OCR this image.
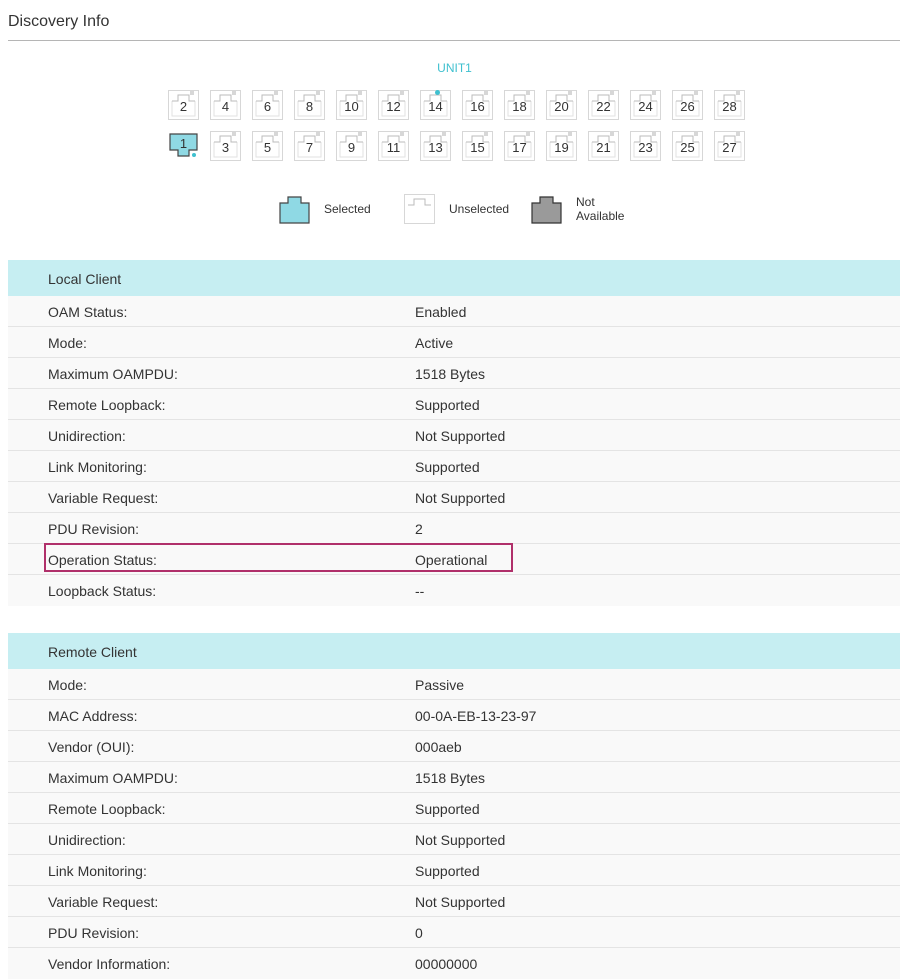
Discovery Info
UNIT1
2	4	6	8	10	12	14	16	18	20	22	24	26	28
1	3	5	7	9	11	13	15	17	19	21	23	25	27
Selected	Unselected	Not Available
Local Client
OAM Status:	Enabled
Mode:	Active
Maximum OAMPDU:	1518 Bytes
Remote Loopback:	Supported
Unidirection:	Not Supported
Link Monitoring:	Supported
Variable Request:	Not Supported
PDU Revision:	2
Operation Status:	Operational
Loopback Status:	--
Remote Client
Mode:	Passive
MAC Address:	00-0A-EB-13-23-97
Vendor (OUI):	000aeb
Maximum OAMPDU:	1518 Bytes
Remote Loopback:	Supported
Unidirection:	Not Supported
Link Monitoring:	Supported
Variable Request:	Not Supported
PDU Revision:	0
Vendor Information:	00000000
